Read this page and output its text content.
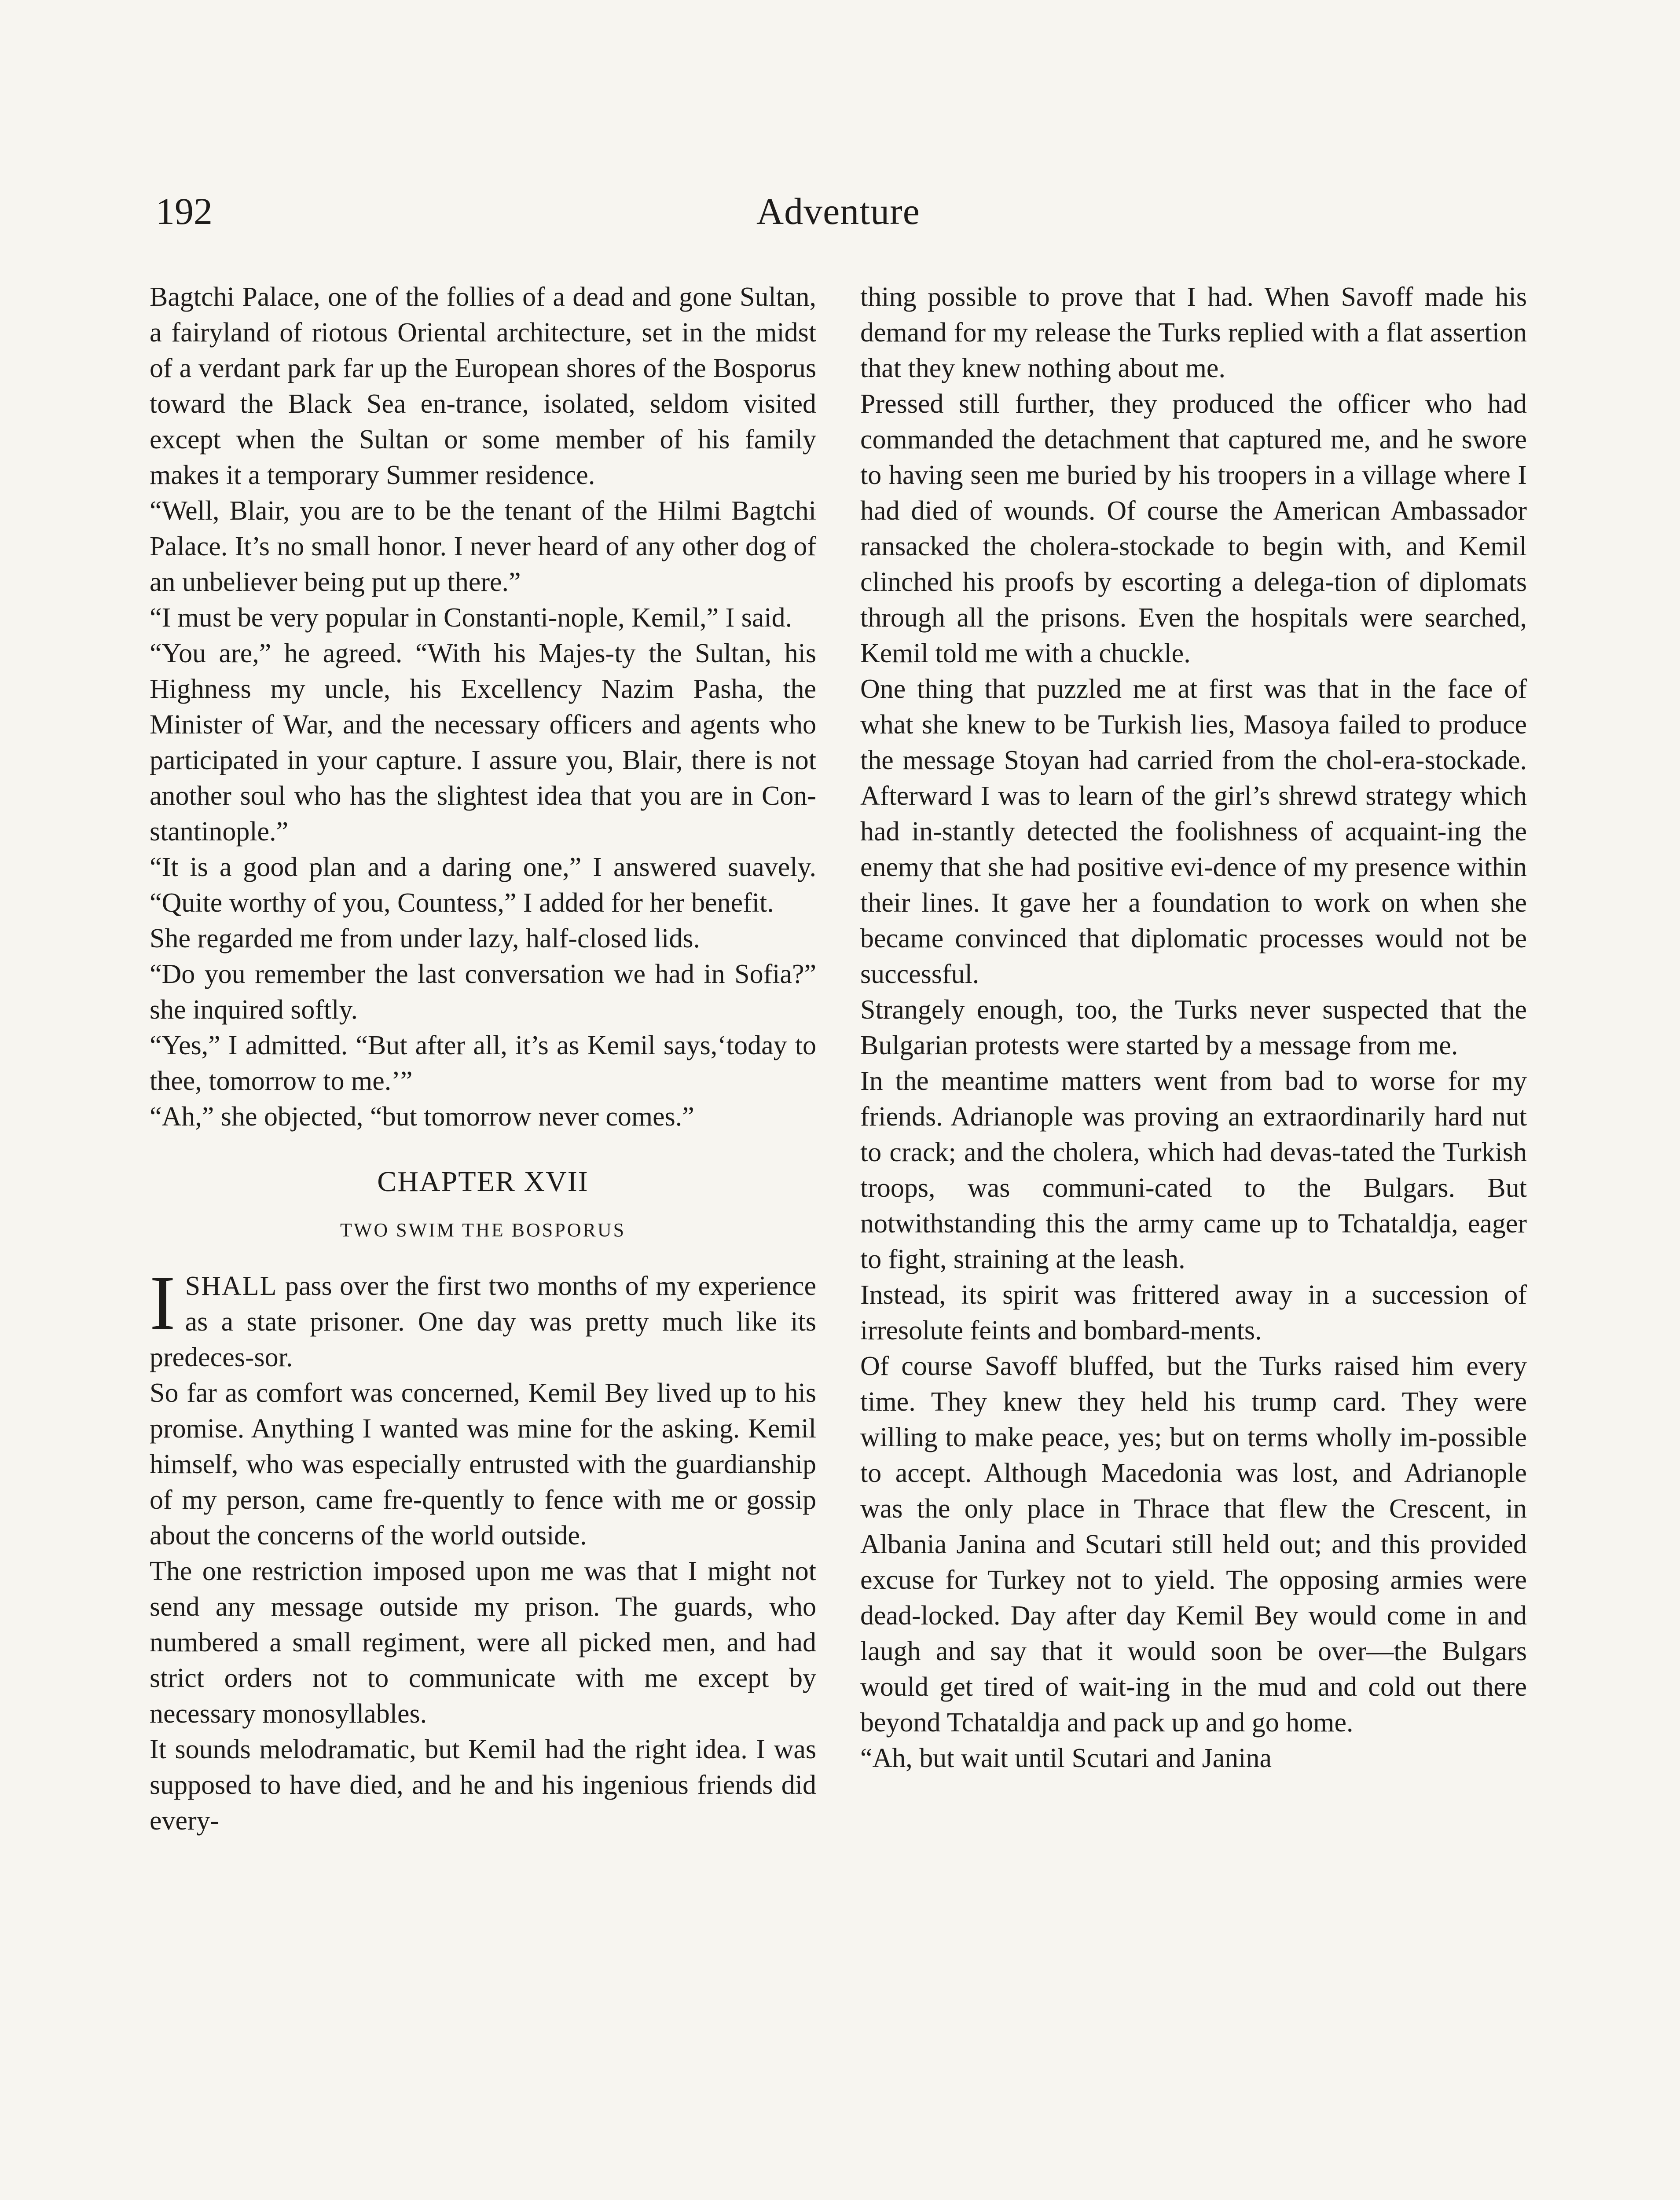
192	Adventure

Bagtchi Palace, one of the follies of a dead and gone Sultan, a fairyland of riotous Oriental architecture, set in the midst of a verdant park far up the European shores of the Bosporus toward the Black Sea en-trance, isolated, seldom visited except when the Sultan or some member of his family makes it a temporary Summer residence.

“Well, Blair, you are to be the tenant of the Hilmi Bagtchi Palace. It’s no small honor. I never heard of any other dog of an unbeliever being put up there.”

“I must be very popular in Constanti-nople, Kemil,” I said.

“You are,” he agreed. “With his Majes-ty the Sultan, his Highness my uncle, his Excellency Nazim Pasha, the Minister of War, and the necessary officers and agents who participated in your capture. I assure you, Blair, there is not another soul who has the slightest idea that you are in Con-stantinople.”

“It is a good plan and a daring one,” I answered suavely. “Quite worthy of you, Countess,” I added for her benefit.

She regarded me from under lazy, half-closed lids.

“Do you remember the last conversation we had in Sofia?” she inquired softly.

“Yes,” I admitted. “But after all, it’s as Kemil says,‘today to thee, tomorrow to me.’”

“Ah,” she objected, “but tomorrow never comes.”

CHAPTER XVII
TWO SWIM THE BOSPORUS

ISHALL pass over the first two months of my experience as a state prisoner. One day was pretty much like its predeces-sor.

So far as comfort was concerned, Kemil Bey lived up to his promise. Anything I wanted was mine for the asking. Kemil himself, who was especially entrusted with the guardianship of my person, came fre-quently to fence with me or gossip about the concerns of the world outside.

The one restriction imposed upon me was that I might not send any message outside my prison. The guards, who numbered a small regiment, were all picked men, and had strict orders not to communicate with me except by necessary monosyllables.

It sounds melodramatic, but Kemil had the right idea. I was supposed to have died, and he and his ingenious friends did every-

thing possible to prove that I had. When Savoff made his demand for my release the Turks replied with a flat assertion that they knew nothing about me.

Pressed still further, they produced the officer who had commanded the detachment that captured me, and he swore to having seen me buried by his troopers in a village where I had died of wounds. Of course the American Ambassador ransacked the cholera-stockade to begin with, and Kemil clinched his proofs by escorting a delega-tion of diplomats through all the prisons. Even the hospitals were searched, Kemil told me with a chuckle.

One thing that puzzled me at first was that in the face of what she knew to be Turkish lies, Masoya failed to produce the message Stoyan had carried from the chol-era-stockade. Afterward I was to learn of the girl’s shrewd strategy which had in-stantly detected the foolishness of acquaint-ing the enemy that she had positive evi-dence of my presence within their lines. It gave her a foundation to work on when she became convinced that diplomatic processes would not be successful.

Strangely enough, too, the Turks never suspected that the Bulgarian protests were started by a message from me.

In the meantime matters went from bad to worse for my friends. Adrianople was proving an extraordinarily hard nut to crack; and the cholera, which had devas-tated the Turkish troops, was communi-cated to the Bulgars. But notwithstanding this the army came up to Tchataldja, eager to fight, straining at the leash.

Instead, its spirit was frittered away in a succession of irresolute feints and bombard-ments.

Of course Savoff bluffed, but the Turks raised him every time. They knew they held his trump card. They were willing to make peace, yes; but on terms wholly im-possible to accept. Although Macedonia was lost, and Adrianople was the only place in Thrace that flew the Crescent, in Albania Janina and Scutari still held out; and this provided excuse for Turkey not to yield. The opposing armies were dead-locked. Day after day Kemil Bey would come in and laugh and say that it would soon be over—the Bulgars would get tired of wait-ing in the mud and cold out there beyond Tchataldja and pack up and go home.

“Ah, but wait until Scutari and Janina
